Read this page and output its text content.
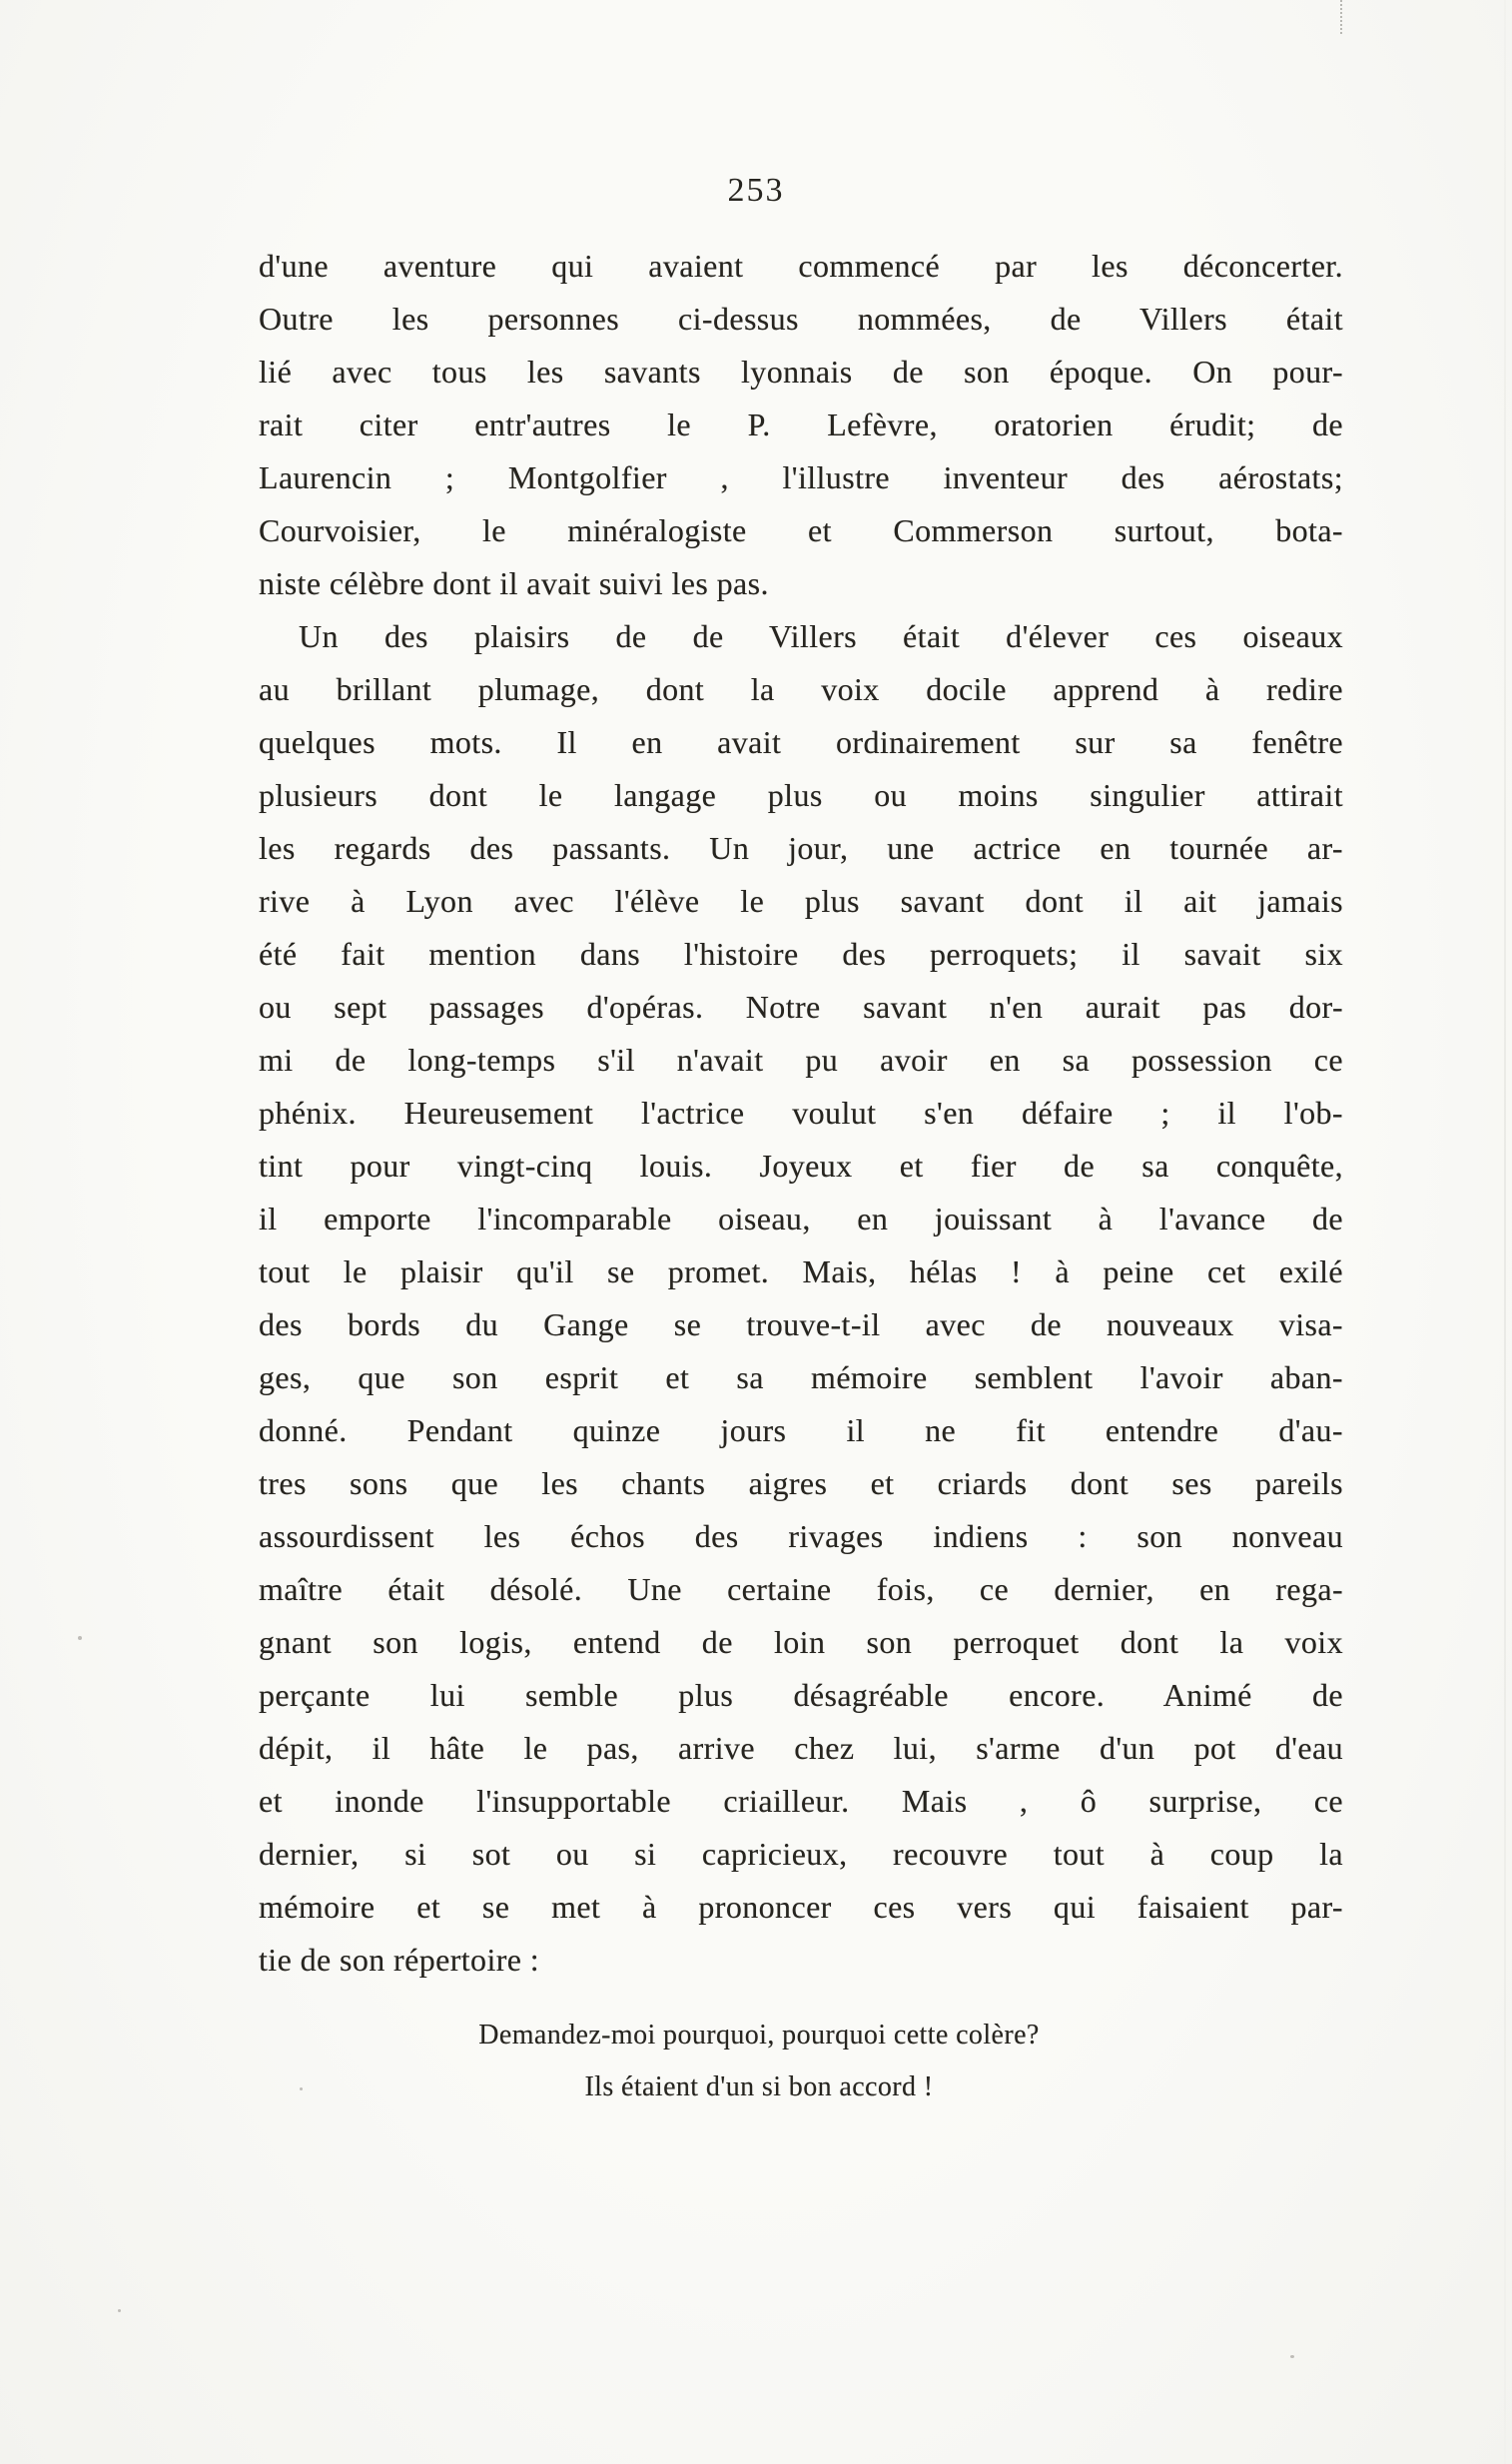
253
d'une aventure qui avaient commencé par les déconcerter.
Outre les personnes ci-dessus nommées, de Villers était
lié avec tous les savants lyonnais de son époque. On pour-
rait citer entr'autres le P. Lefèvre, oratorien érudit; de
Laurencin ; Montgolfier , l'illustre inventeur des aérostats;
Courvoisier, le minéralogiste et Commerson surtout, bota-
niste célèbre dont il avait suivi les pas.
Un des plaisirs de de Villers était d'élever ces oiseaux
au brillant plumage, dont la voix docile apprend à redire
quelques mots. Il en avait ordinairement sur sa fenêtre
plusieurs dont le langage plus ou moins singulier attirait
les regards des passants. Un jour, une actrice en tournée ar-
rive à Lyon avec l'élève le plus savant dont il ait jamais
été fait mention dans l'histoire des perroquets; il savait six
ou sept passages d'opéras. Notre savant n'en aurait pas dor-
mi de long-temps s'il n'avait pu avoir en sa possession ce
phénix. Heureusement l'actrice voulut s'en défaire ; il l'ob-
tint pour vingt-cinq louis. Joyeux et fier de sa conquête,
il emporte l'incomparable oiseau, en jouissant à l'avance de
tout le plaisir qu'il se promet. Mais, hélas ! à peine cet exilé
des bords du Gange se trouve-t-il avec de nouveaux visa-
ges, que son esprit et sa mémoire semblent l'avoir aban-
donné. Pendant quinze jours il ne fit entendre d'au-
tres sons que les chants aigres et criards dont ses pareils
assourdissent les échos des rivages indiens : son nonveau
maître était désolé. Une certaine fois, ce dernier, en rega-
gnant son logis, entend de loin son perroquet dont la voix
perçante lui semble plus désagréable encore. Animé de
dépit, il hâte le pas, arrive chez lui, s'arme d'un pot d'eau
et inonde l'insupportable criailleur. Mais , ô surprise, ce
dernier, si sot ou si capricieux, recouvre tout à coup la
mémoire et se met à prononcer ces vers qui faisaient par-
tie de son répertoire :
Demandez-moi pourquoi, pourquoi cette colère?
Ils étaient d'un si bon accord !
